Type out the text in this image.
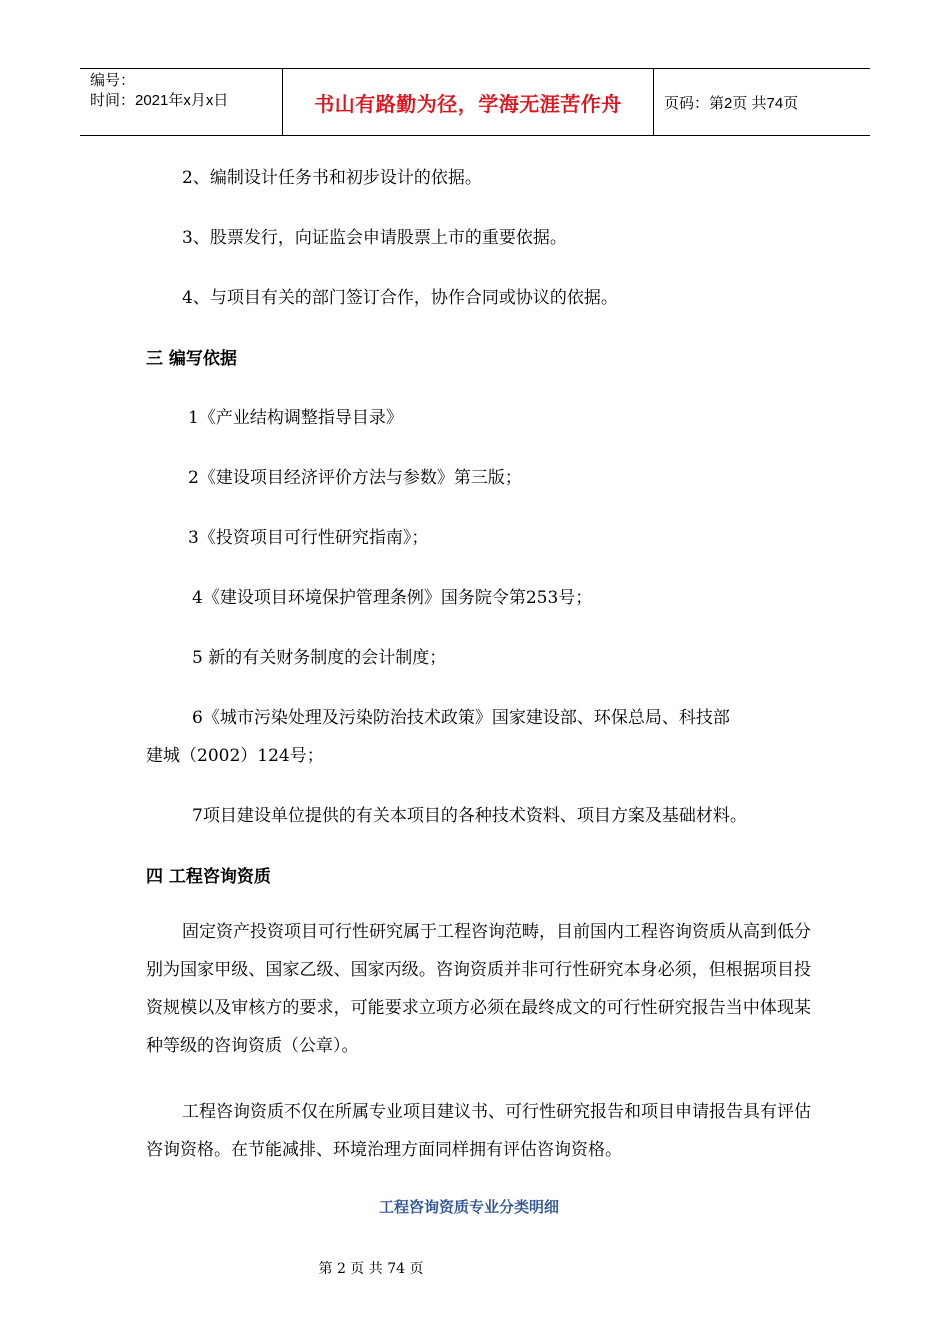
编号：
时间：2021年x月x日	书山有路勤为径，学海无涯苦作舟	页码：第2页 共74页
2、编制设计任务书和初步设计的依据。
3、股票发行，向证监会申请股票上市的重要依据。
4、与项目有关的部门签订合作，协作合同或协议的依据。
三 编写依据
1《产业结构调整指导目录》
2《建设项目经济评价方法与参数》第三版；
3《投资项目可行性研究指南》；
4《建设项目环境保护管理条例》国务院令第253号；
5 新的有关财务制度的会计制度；
6《城市污染处理及污染防治技术政策》国家建设部、环保总局、科技部
建城（2002）124号；
7项目建设单位提供的有关本项目的各种技术资料、项目方案及基础材料。
四 工程咨询资质
固定资产投资项目可行性研究属于工程咨询范畴，目前国内工程咨询资质从高到低分别为国家甲级、国家乙级、国家丙级。咨询资质并非可行性研究本身必须，但根据项目投资规模以及审核方的要求，可能要求立项方必须在最终成文的可行性研究报告当中体现某种等级的咨询资质（公章）。
工程咨询资质不仅在所属专业项目建议书、可行性研究报告和项目申请报告具有评估咨询资格。在节能减排、环境治理方面同样拥有评估咨询资格。
工程咨询资质专业分类明细
第 2 页 共 74 页
